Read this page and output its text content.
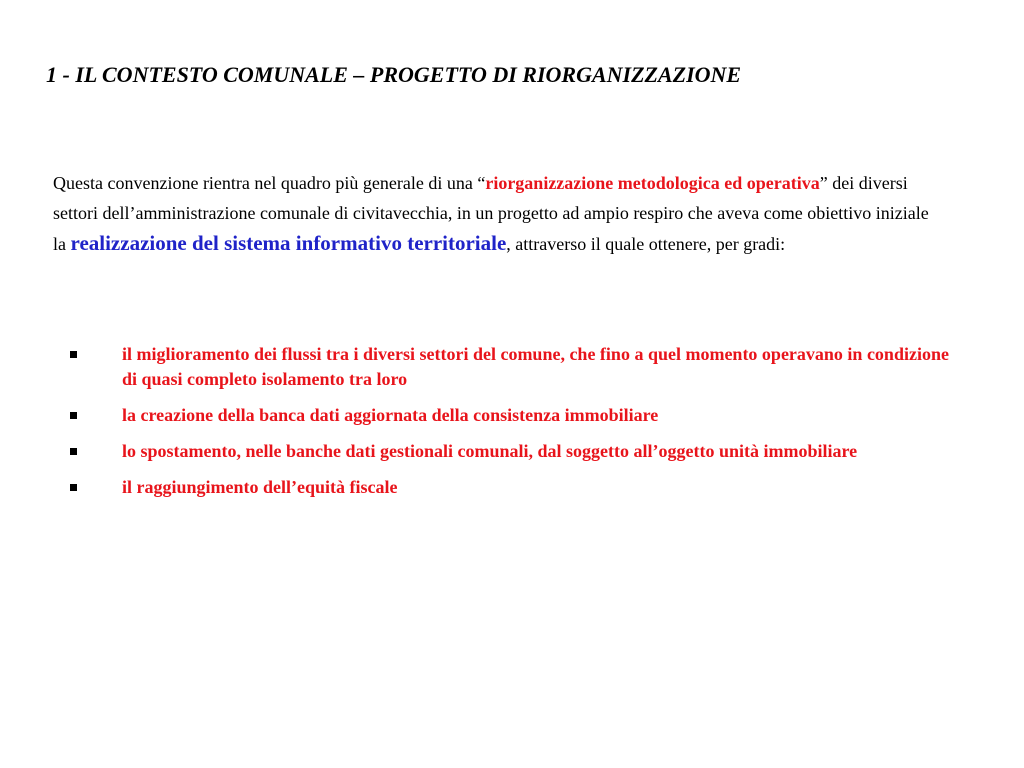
1 - IL CONTESTO COMUNALE – PROGETTO DI RIORGANIZZAZIONE

Questa convenzione rientra nel quadro più generale di una “riorganizzazione metodologica ed operativa” dei diversi settori dell’amministrazione comunale di civitavecchia, in un progetto ad ampio respiro che aveva come obiettivo iniziale la realizzazione del sistema informativo territoriale, attraverso il quale ottenere, per gradi:

il miglioramento dei flussi tra i diversi settori del comune, che fino a quel momento operavano in condizione di quasi completo isolamento tra loro
la creazione della banca dati aggiornata della consistenza immobiliare
lo spostamento, nelle banche dati gestionali comunali, dal soggetto all’oggetto unità immobiliare
il raggiungimento dell’equità fiscale
